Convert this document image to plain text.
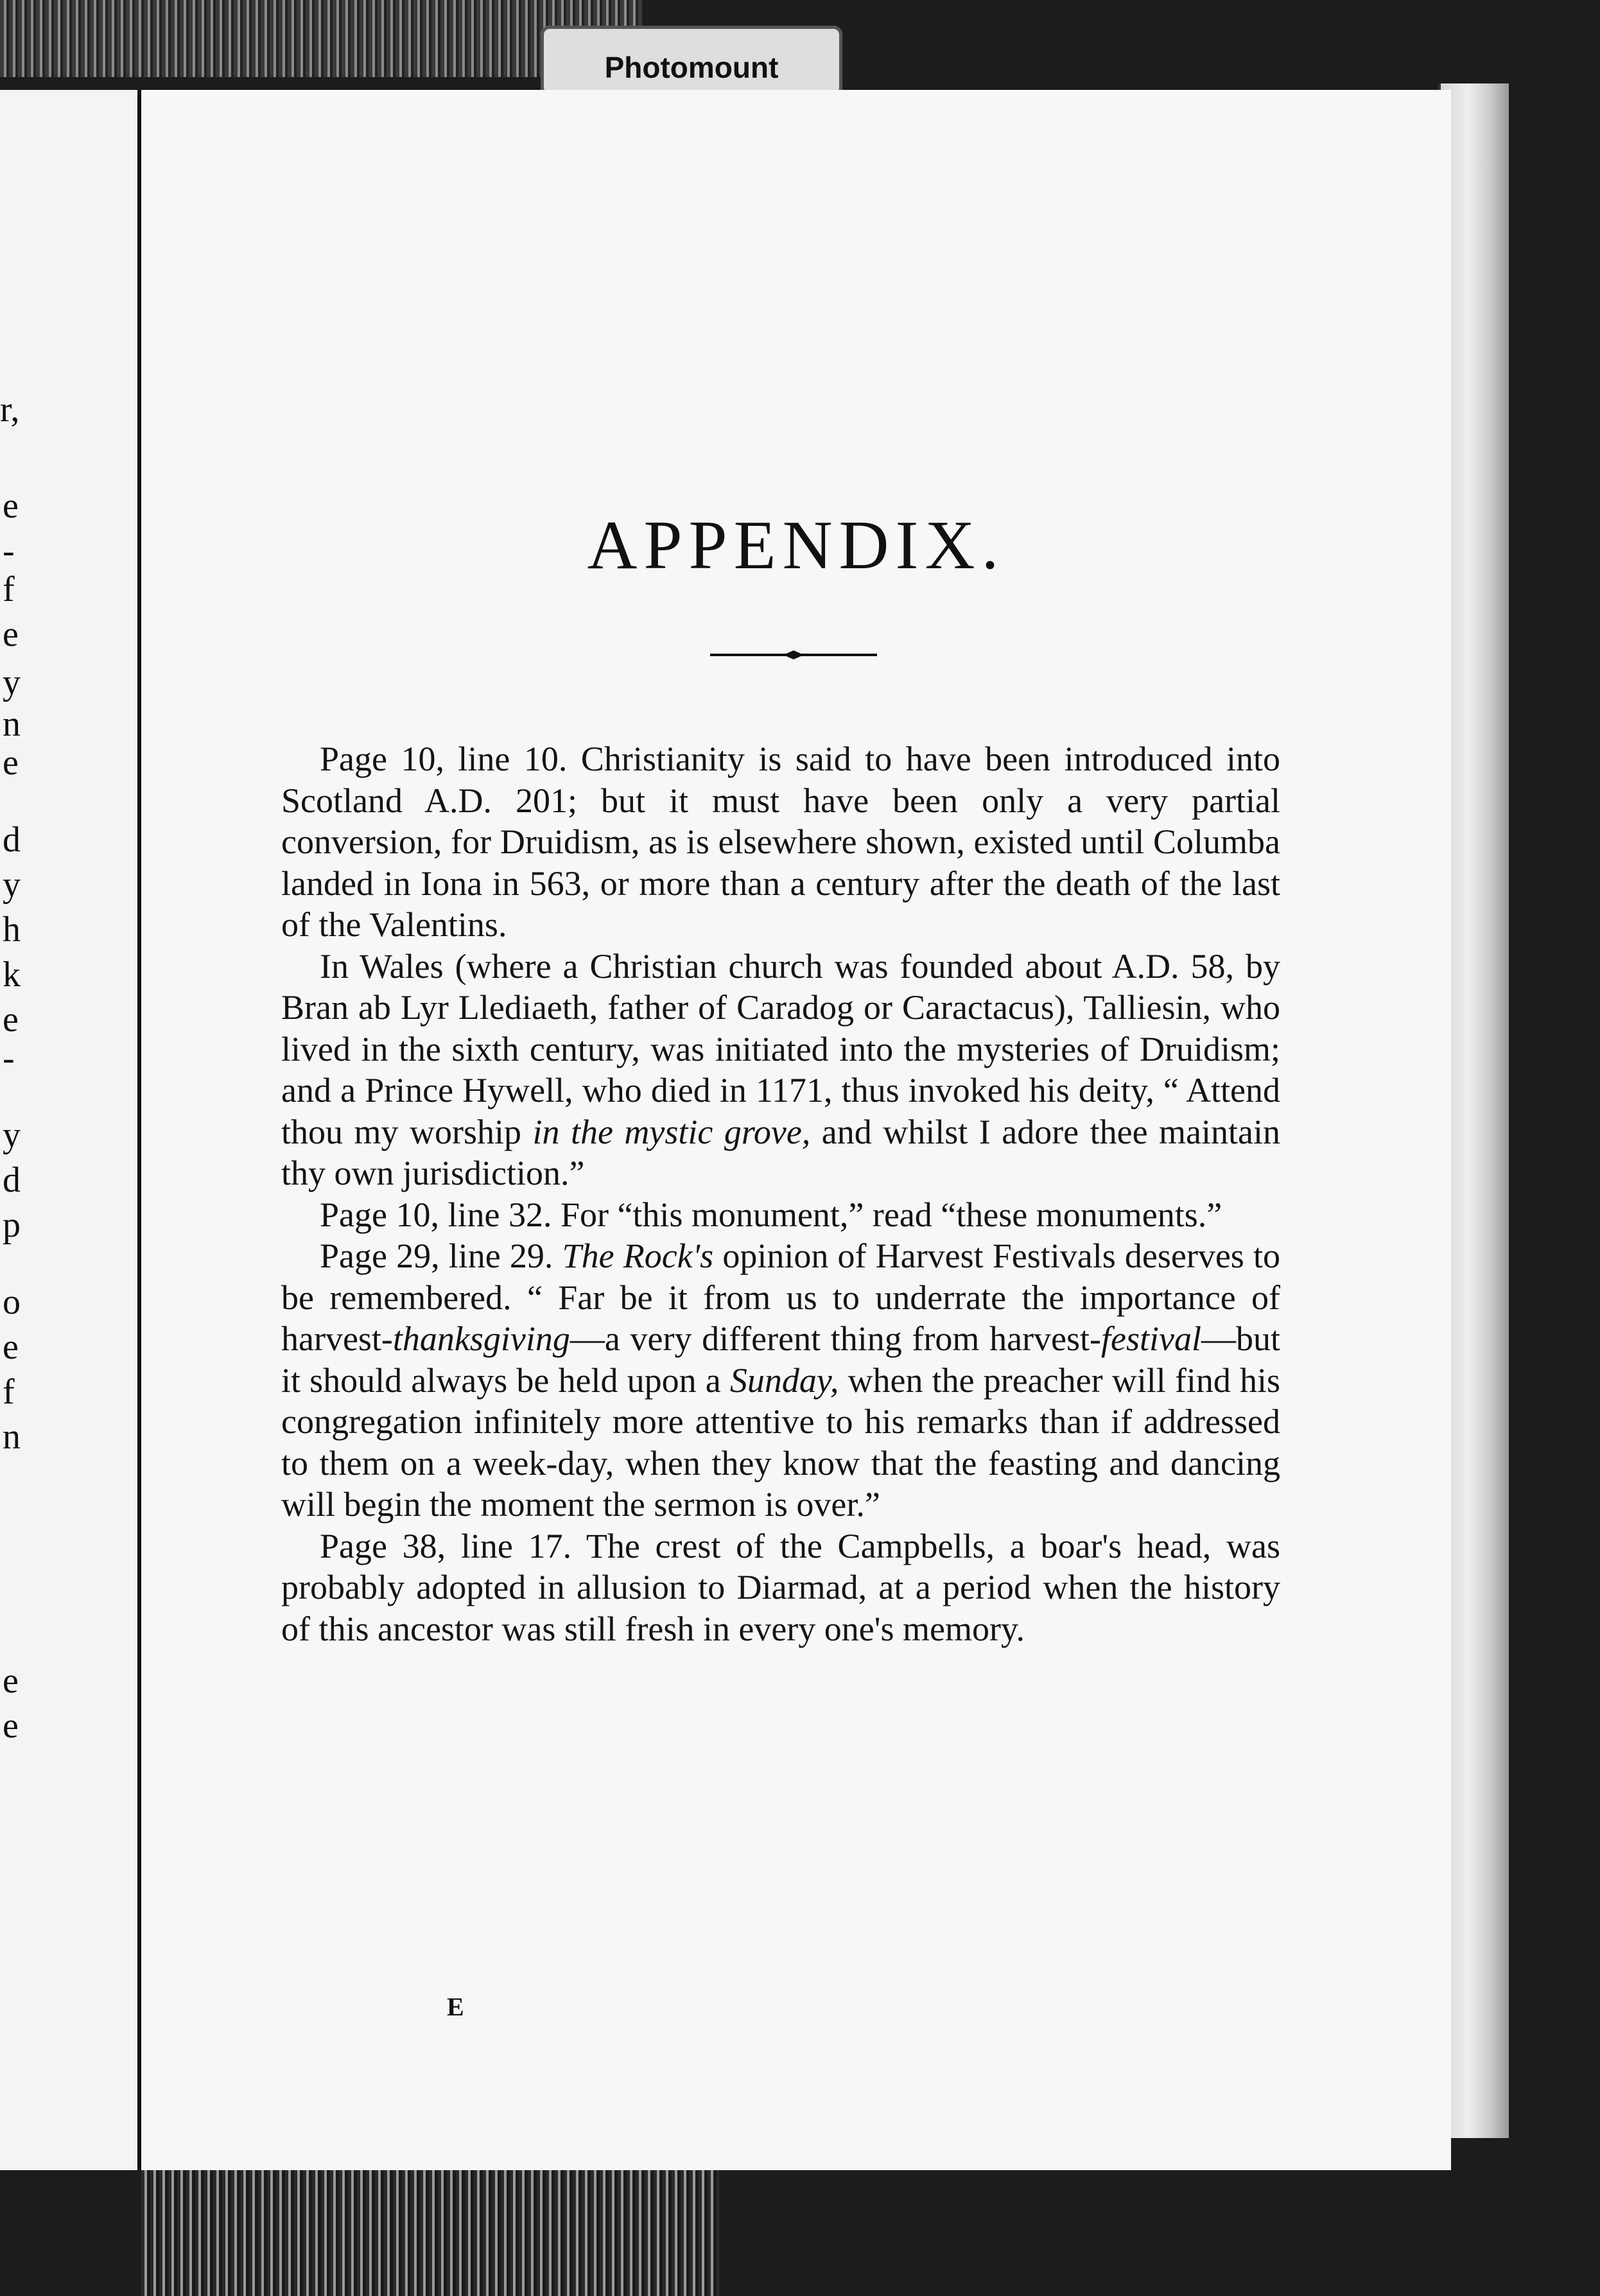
r,
e
-
f
e
y
n
e
d
y
h
k
e
-
y
d
p
o
e
f
n
e
e
Photomount
APPENDIX.

Page 10, line 10. Christianity is said to have been introduced into Scotland A.D. 201; but it must have been only a very partial conversion, for Druidism, as is elsewhere shown, existed until Columba landed in Iona in 563, or more than a century after the death of the last of the Valentins.

In Wales (where a Christian church was founded about A.D. 58, by Bran ab Lyr Llediaeth, father of Caradog or Caractacus), Talliesin, who lived in the sixth century, was initiated into the mysteries of Druidism; and a Prince Hywell, who died in 1171, thus invoked his deity, “ Attend thou my worship in the mystic grove, and whilst I adore thee maintain thy own jurisdiction.”

Page 10, line 32. For “this monument,” read “these monuments.”

Page 29, line 29. The Rock's opinion of Harvest Festivals deserves to be remembered. “ Far be it from us to underrate the importance of harvest-thanksgiving—a very different thing from harvest-festival—but it should always be held upon a Sunday, when the preacher will find his congregation infinitely more attentive to his remarks than if addressed to them on a week-day, when they know that the feasting and dancing will begin the moment the sermon is over.”

Page 38, line 17. The crest of the Campbells, a boar's head, was probably adopted in allusion to Diarmad, at a period when the history of this ancestor was still fresh in every one's memory.

E
